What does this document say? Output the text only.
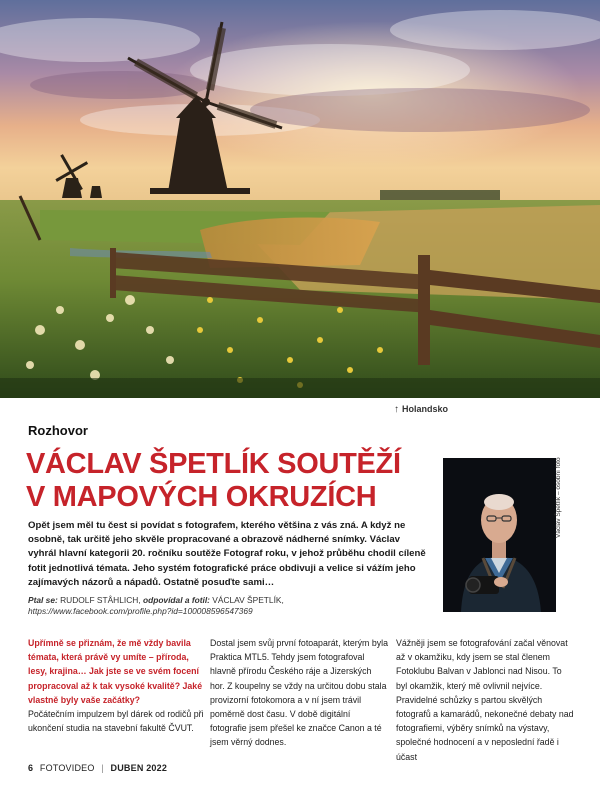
↑ Holandsko
Rozhovor
VÁCLAV ŠPETLÍK SOUTĚŽÍ
V MAPOVÝCH OKRUZÍCH

Opět jsem měl tu čest si povídat s fotografem, kterého většina z vás zná. A když ne osobně, tak určitě jeho skvěle propracované a obrazově nádherné snímky. Václav vyhrál hlavní kategorii 20. ročníku soutěže Fotograf roku, v jehož průběhu chodil cíleně fotit jednotlivá témata. Jeho systém fotografické práce obdivuji a velice si vážím jeho zajímavých názorů a nápadů. Ostatně posuďte sami…

Ptal se: RUDOLF STÅHLICH, odpovídal a fotil: VÁCLAV ŠPETLÍK,
https://www.facebook.com/profile.php?id=100008596547369
Václav Špetlík – osobní foto

Upřímně se přiznám, že mě vždy bavila témata, která právě vy umíte – příroda, lesy, krajina… Jak jste se ve svém focení propracoval až k tak vysoké kvalitě? Jaké vlastně byly vaše začátky?

Počátečním impulzem byl dárek od rodičů při ukončení studia na stavební fakultě ČVUT.

Dostal jsem svůj první fotoaparát, kterým byla Praktica MTL5. Tehdy jsem fotografoval hlavně přírodu Českého ráje a Jizerských hor. Z koupelny se vždy na určitou dobu stala provizorní fotokomora a v ní jsem trávil poměrně dost času. V době digitální fotografie jsem přešel ke značce Canon a té jsem věrný dodnes.

Vážněji jsem se fotografování začal věnovat až v okamžiku, kdy jsem se stal členem Fotoklubu Balvan v Jablonci nad Nisou. To byl okamžik, který mě ovlivnil nejvíce. Pravidelné schůzky s partou skvělých fotografů a kamarádů, nekonečné debaty nad fotografiemi, výběry snímků na výstavy, společné hodnocení a v neposlední řadě i účast

6 FOTOVIDEO | DUBEN 2022
